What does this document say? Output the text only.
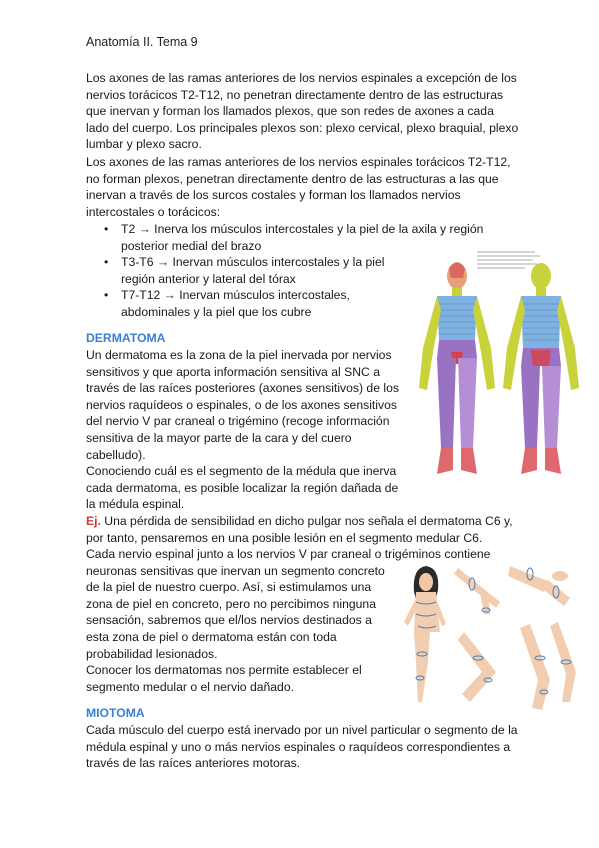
Anatomía II. Tema 9
Los axones de las ramas anteriores de los nervios espinales a excepción de los
nervios torácicos T2-T12, no penetran directamente dentro de las estructuras
que inervan y forman los llamados plexos, que son redes de axones a cada
lado del cuerpo. Los principales plexos son: plexo cervical, plexo braquial, plexo
lumbar y plexo sacro.
Los axones de las ramas anteriores de los nervios espinales torácicos T2-T12,
no forman plexos, penetran directamente dentro de las estructuras a las que
inervan a través de los surcos costales y forman los llamados nervios
intercostales o torácicos:
• T2 → Inerva los músculos intercostales y la piel de la axila y región
posterior medial del brazo
• T3-T6 → Inervan músculos intercostales y la piel
región anterior y lateral del tórax
• T7-T12 → Inervan músculos intercostales,
abdominales y la piel que los cubre
DERMATOMA
Un dermatoma es la zona de la piel inervada por nervios
sensitivos y que aporta información sensitiva al SNC a
través de las raíces posteriores (axones sensitivos) de los
nervios raquídeos o espinales, o de los axones sensitivos
del nervio V par craneal o trigémino (recoge información
sensitiva de la mayor parte de la cara y del cuero
cabelludo).
Conociendo cuál es el segmento de la médula que inerva
cada dermatoma, es posible localizar la región dañada de
la médula espinal.
Ej. Una pérdida de sensibilidad en dicho pulgar nos señala el dermatoma C6 y,
por tanto, pensaremos en una posible lesión en el segmento medular C6.
Cada nervio espinal junto a los nervios V par craneal o trigéminos contiene
neuronas sensitivas que inervan un segmento concreto
de la piel de nuestro cuerpo. Así, si estimulamos una
zona de piel en concreto, pero no percibimos ninguna
sensación, sabremos que el/los nervios destinados a
esta zona de piel o dermatoma están con toda
probabilidad lesionados.
Conocer los dermatomas nos permite establecer el
segmento medular o el nervio dañado.
MIOTOMA
Cada músculo del cuerpo está inervado por un nivel particular o segmento de la
médula espinal y uno o más nervios espinales o raquídeos correspondientes a
través de las raíces anteriores motoras.
